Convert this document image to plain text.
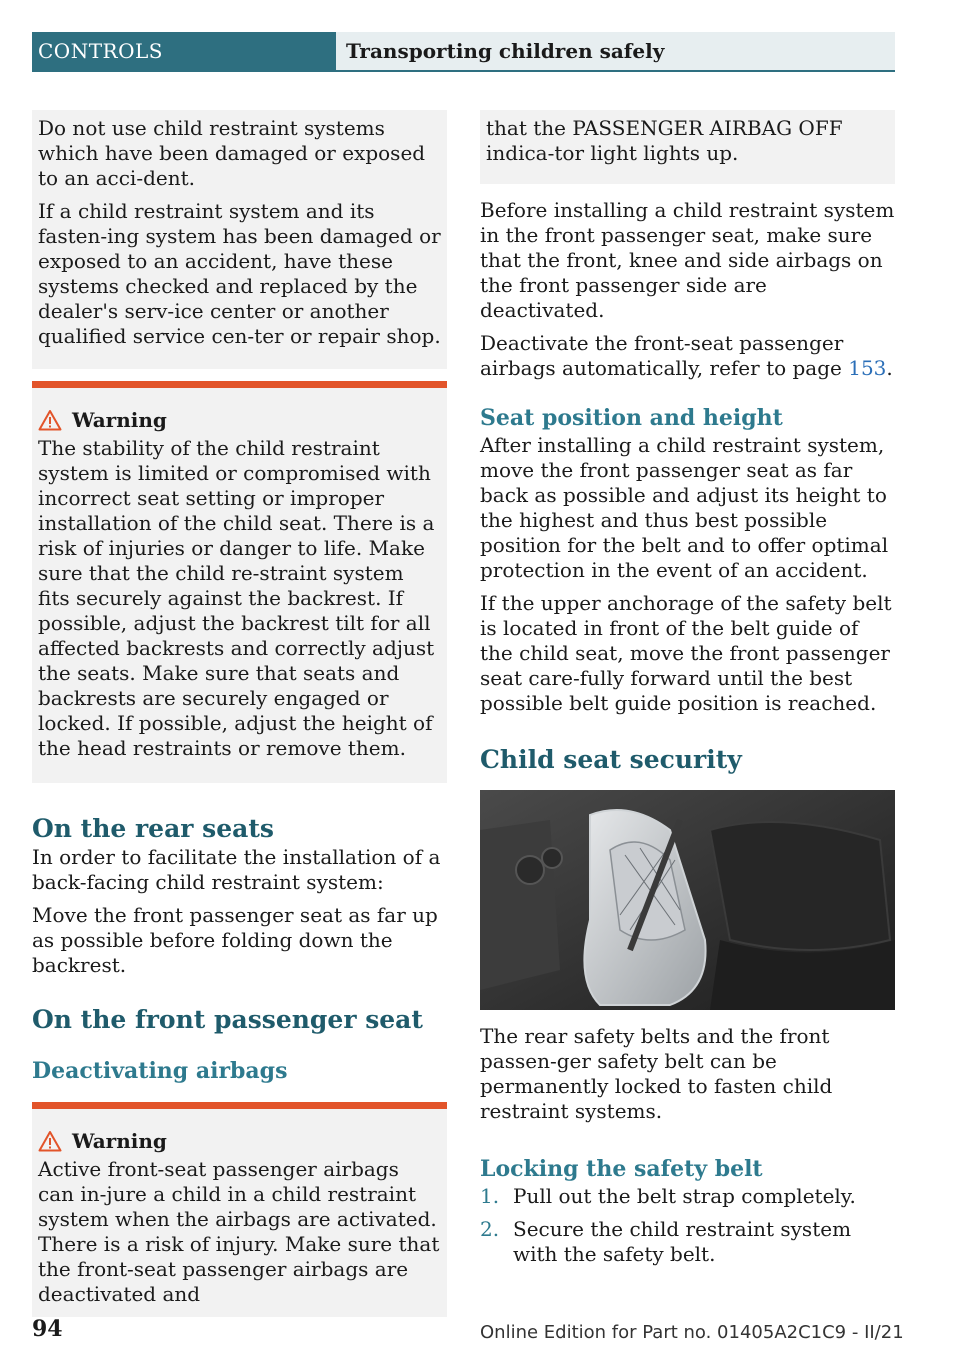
CONTROLS	Transporting children safely

Do not use child restraint systems which have been damaged or exposed to an acci-dent.

If a child restraint system and its fasten-ing system has been damaged or exposed to an accident, have these systems checked and replaced by the dealer's serv-ice center or another qualified service cen-ter or repair shop.

Warning

The stability of the child restraint system is limited or compromised with incorrect seat setting or improper installation of the child seat. There is a risk of injuries or danger to life. Make sure that the child re-straint system fits securely against the backrest. If possible, adjust the backrest tilt for all affected backrests and correctly adjust the seats. Make sure that seats and backrests are securely engaged or locked. If possible, adjust the height of the head restraints or remove them.

On the rear seats

In order to facilitate the installation of a back-facing child restraint system:

Move the front passenger seat as far up as possible before folding down the backrest.

On the front passenger seat
Deactivating airbags
Warning

Active front-seat passenger airbags can in-jure a child in a child restraint system when the airbags are activated. There is a risk of injury. Make sure that the front-seat passenger airbags are deactivated and

that the PASSENGER AIRBAG OFF indica-tor light lights up.

Before installing a child restraint system in the front passenger seat, make sure that the front, knee and side airbags on the front passenger side are deactivated.

Deactivate the front-seat passenger airbags automatically, refer to page 153.

Seat position and height

After installing a child restraint system, move the front passenger seat as far back as possible and adjust its height to the highest and thus best possible position for the belt and to offer optimal protection in the event of an accident.

If the upper anchorage of the safety belt is located in front of the belt guide of the child seat, move the front passenger seat care-fully forward until the best possible belt guide position is reached.

Child seat security

The rear safety belts and the front passen-ger safety belt can be permanently locked to fasten child restraint systems.

Locking the safety belt
1. Pull out the belt strap completely.
2. Secure the child restraint system with the safety belt.
94	Online Edition for Part no. 01405A2C1C9 - II/21
